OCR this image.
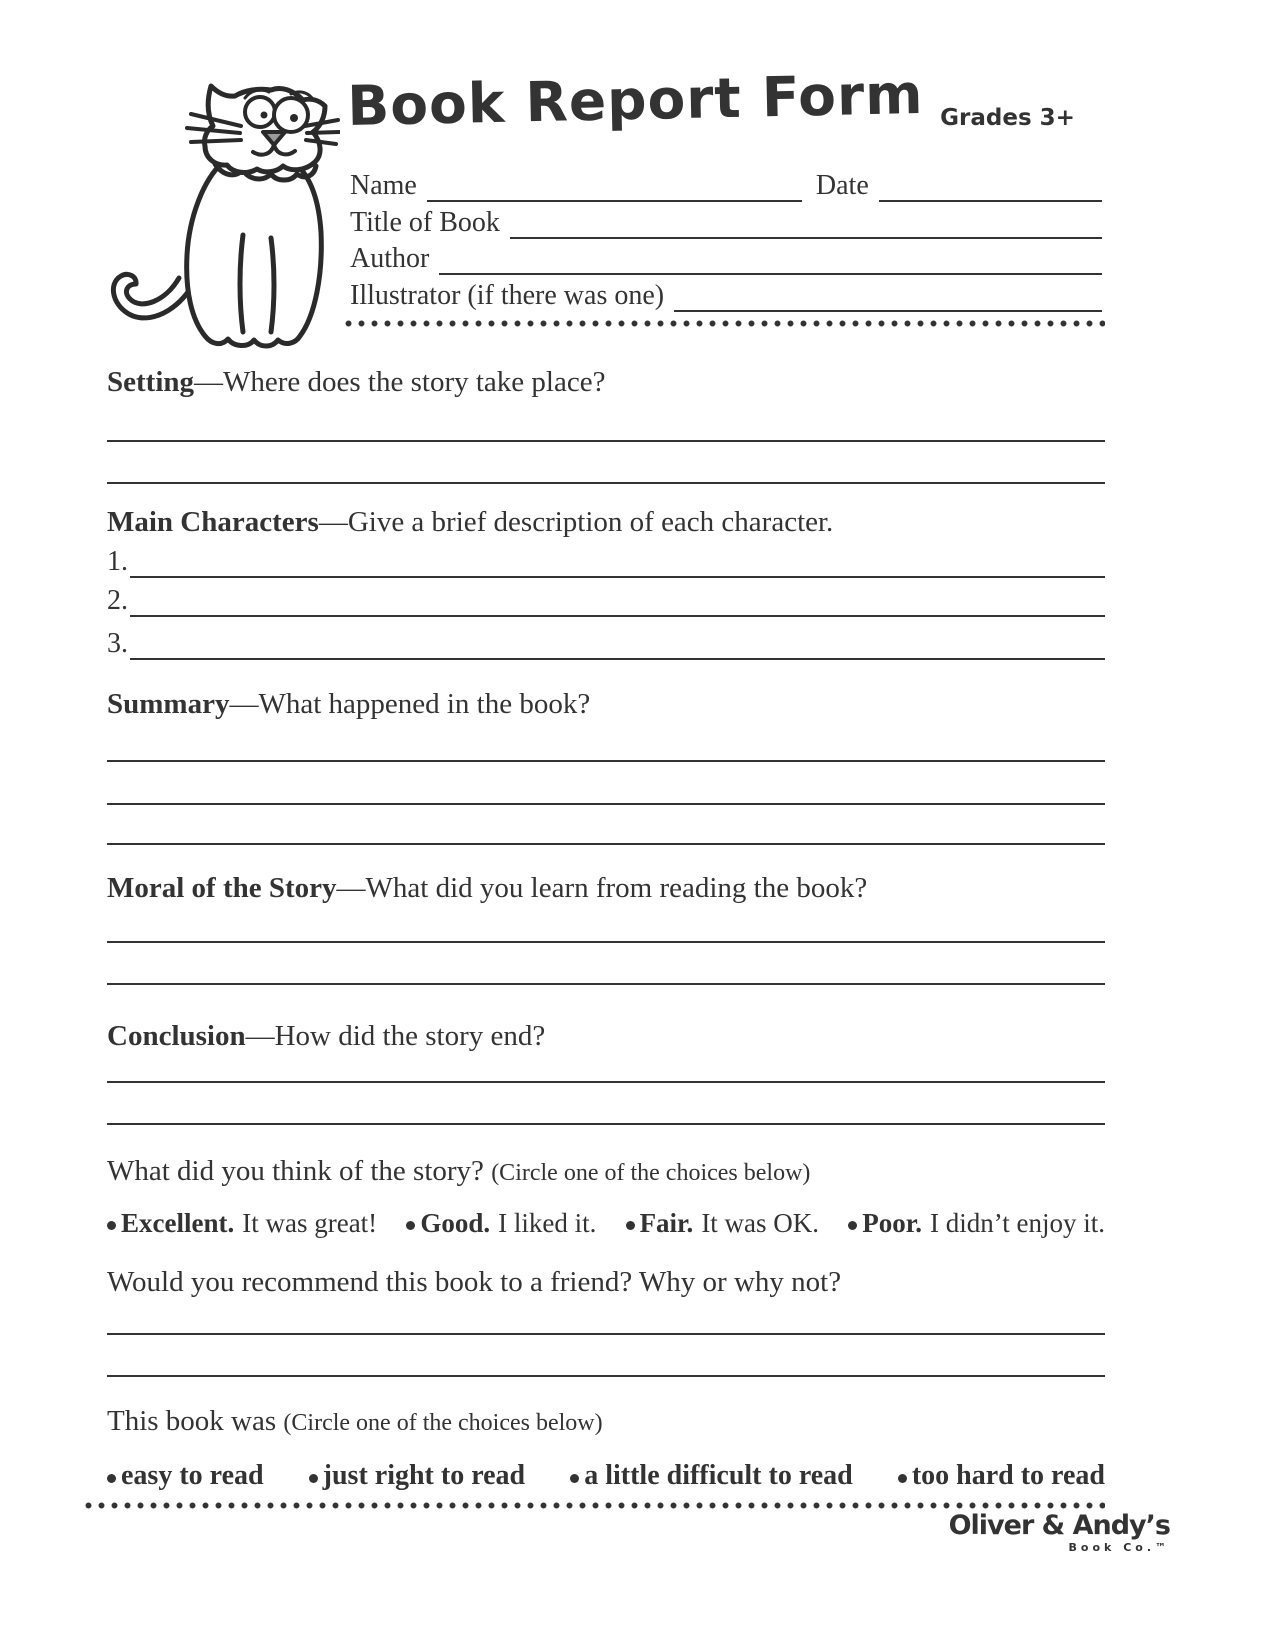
Book Report Form Grades 3+
Name	Date
Title of Book
Author
Illustrator (if there was one)
Setting—Where does the story take place?
Main Characters—Give a brief description of each character.
1.
2.
3.
Summary—What happened in the book?
Moral of the Story—What did you learn from reading the book?
Conclusion—How did the story end?
What did you think of the story? (Circle one of the choices below)
Excellent. It was great! Good. I liked it. Fair. It was OK. Poor. I didn’t enjoy it.
Would you recommend this book to a friend? Why or why not?
This book was (Circle one of the choices below)
easy to read just right to read a little difficult to read too hard to read
Oliver & Andy’s
Book Co.™
